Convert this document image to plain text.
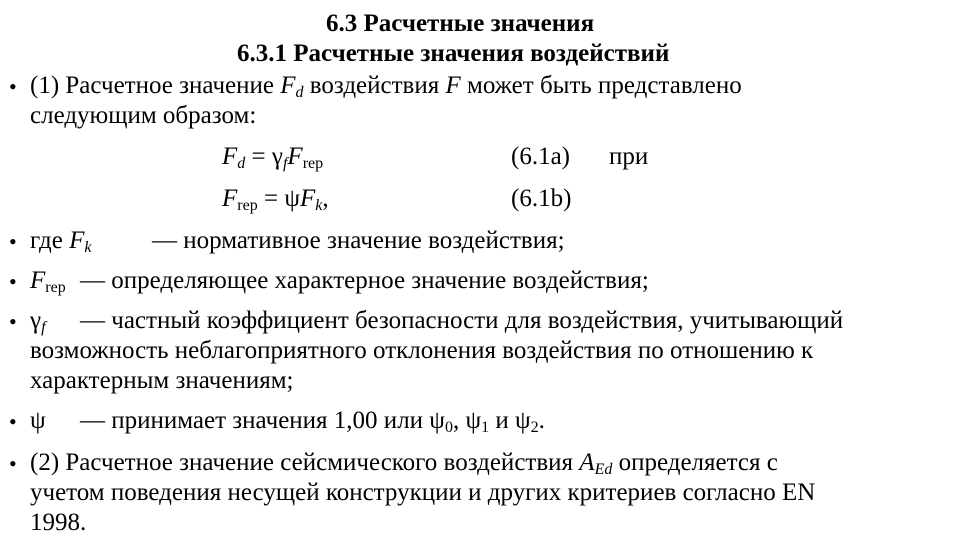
6.3 Расчетные значения
6.3.1 Расчетные значения воздействий
• (1) Расчетное значение $F_d$ воздействия F может быть представлено
следующим образом:
$F_d = \gamma_fF_{rep}$	(6.1a) при
$F_{rep} = \psi F_k$,	(6.1b)
• где $F_k$ — нормативное значение воздействия;
• $F_{rep}$ — определяющее характерное значение воздействия;
• $\gamma_f$ — частный коэффициент безопасности для воздействия, учитывающий
возможность неблагоприятного отклонения воздействия по отношению к
характерным значениям;
• ψ — принимает значения 1,00 или $\psi_0$, $\psi_1$ и $\psi_2$.
• (2) Расчетное значение сейсмического воздействия $A_{Ed}$ определяется с
учетом поведения несущей конструкции и других критериев согласно EN
1998.
